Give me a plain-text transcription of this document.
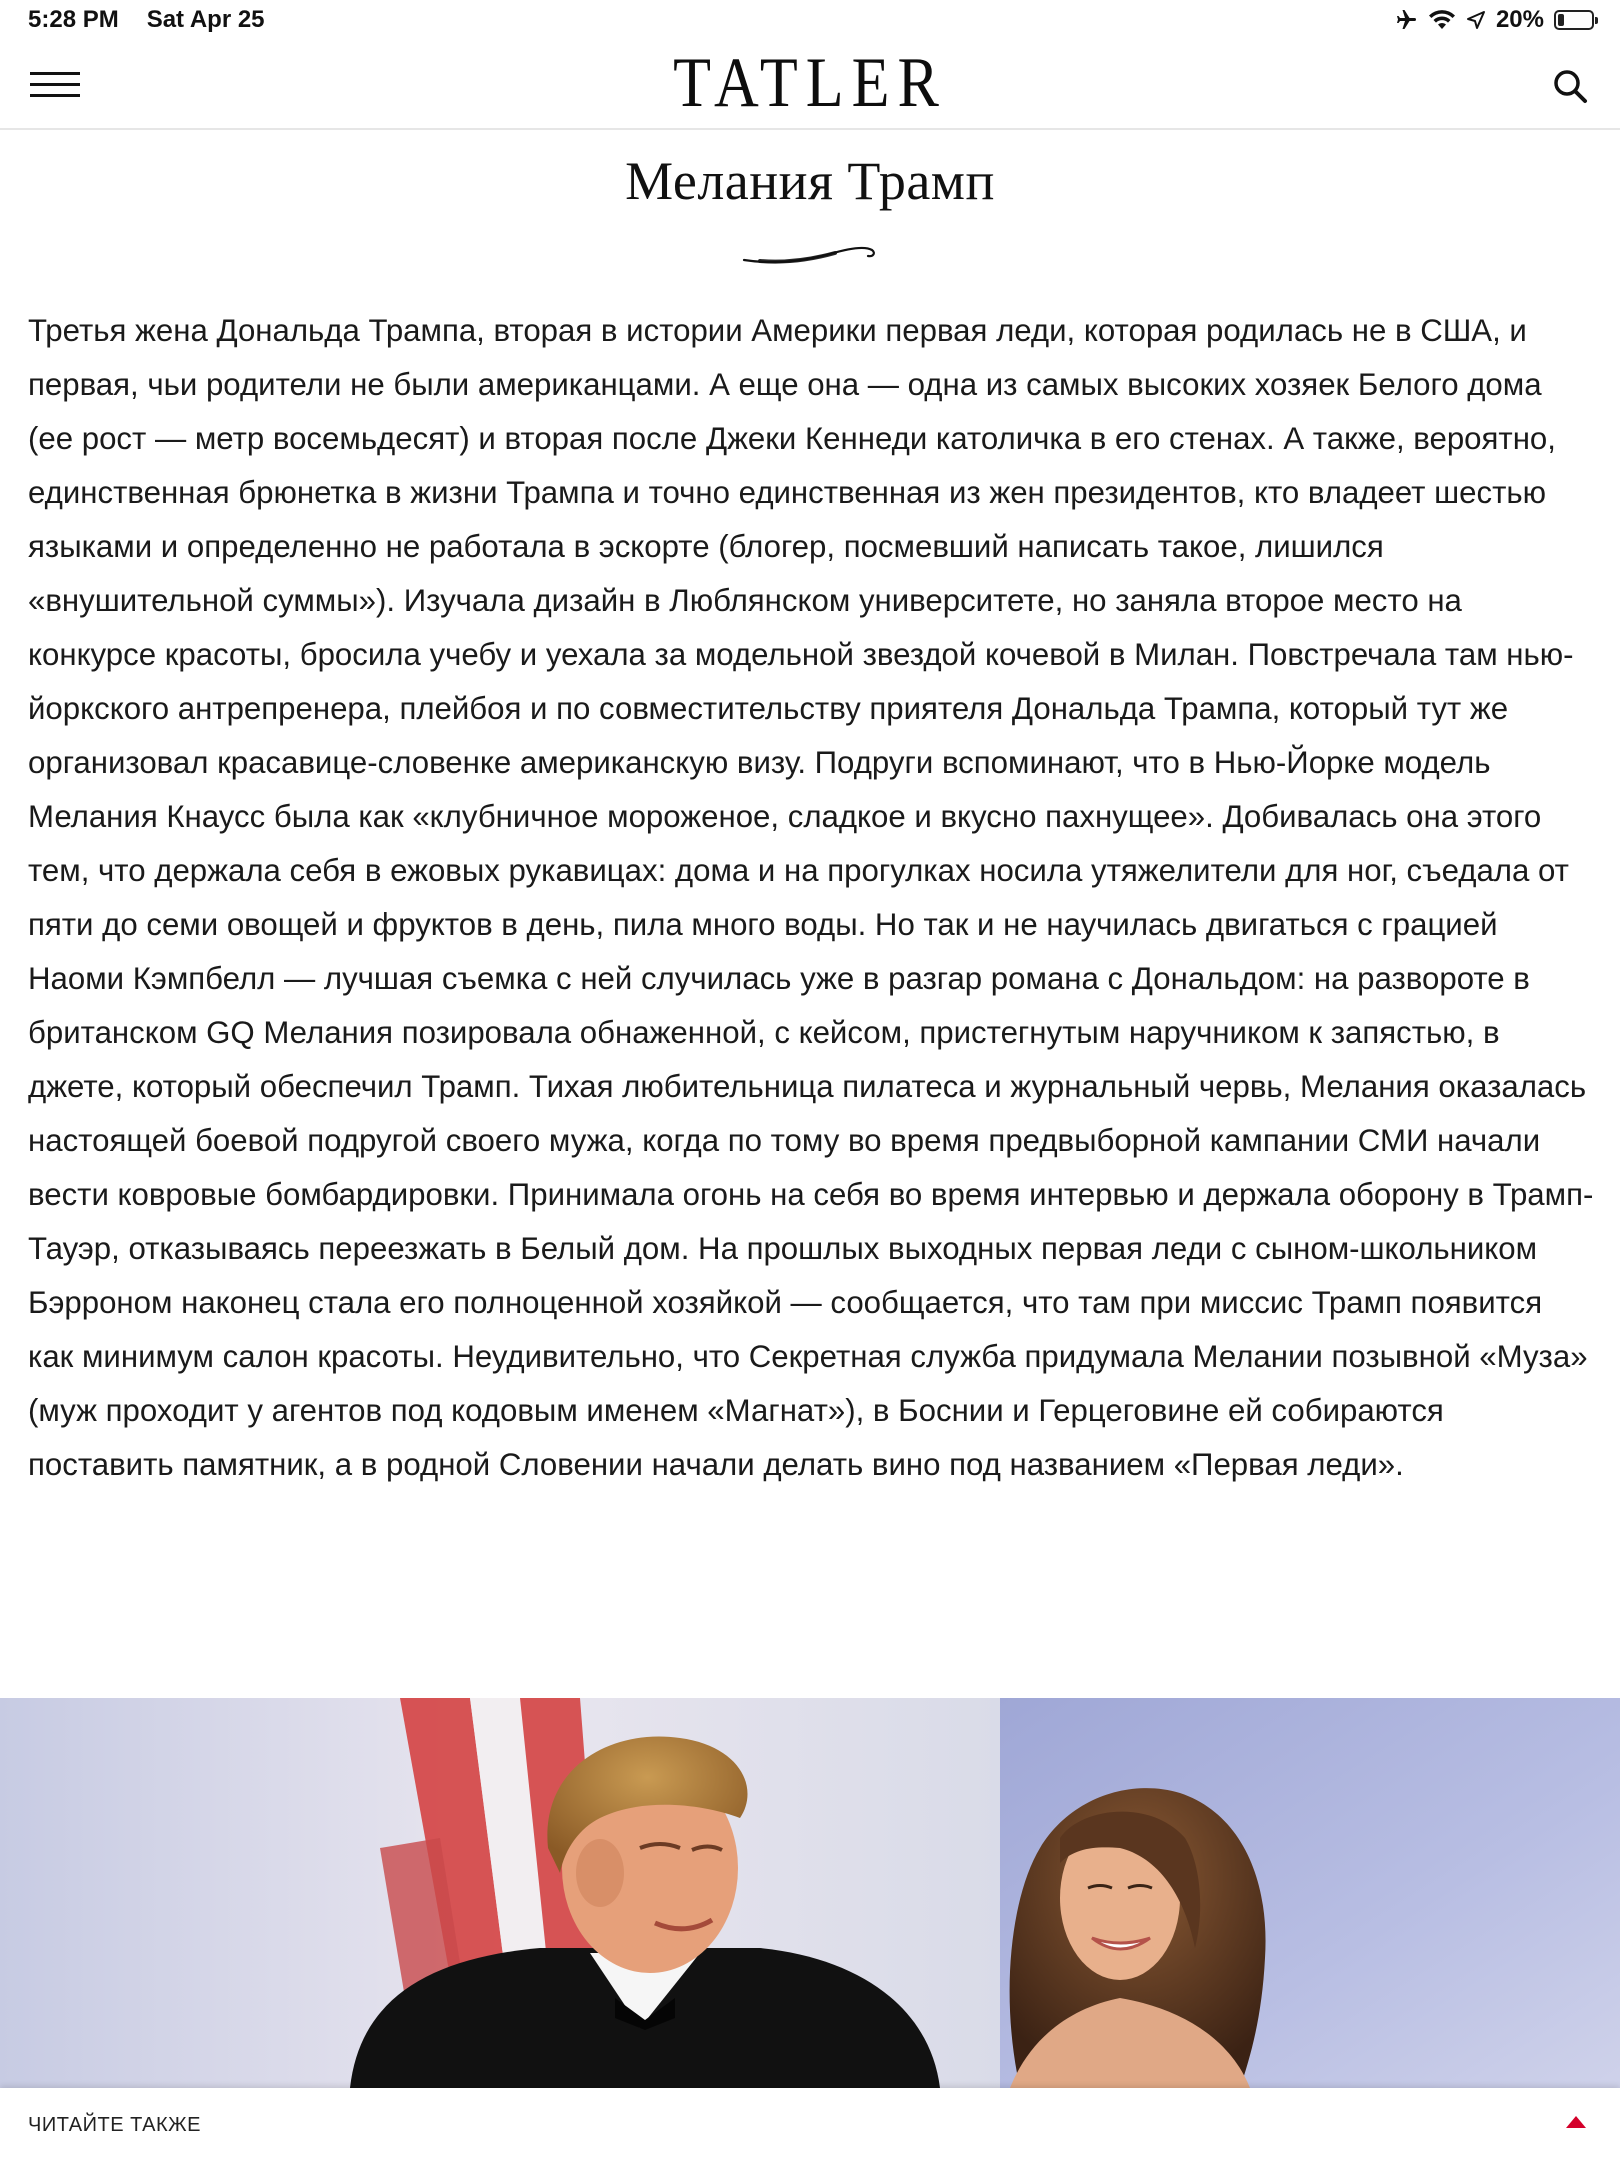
5:28 PM Sat Apr 25	20%
TATLER
Мелания Трамп

Третья жена Дональда Трампа, вторая в истории Америки первая леди, которая родилась не в США, и первая, чьи родители не были американцами. А еще она — одна из самых высоких хозяек Белого дома (ее рост — метр восемьдесят) и вторая после Джеки Кеннеди католичка в его стенах. А также, вероятно, единственная брюнетка в жизни Трампа и точно единственная из жен президентов, кто владеет шестью языками и определенно не работала в эскорте (блогер, посмевший написать такое, лишился «внушительной суммы»). Изучала дизайн в Люблянском университете, но заняла второе место на конкурсе красоты, бросила учебу и уехала за модельной звездой кочевой в Милан. Повстречала там нью-йоркского антрепренера, плейбоя и по совместительству приятеля Дональда Трампа, который тут же организовал красавице-словенке американскую визу. Подруги вспоминают, что в Нью-Йорке модель Мелания Кнаусс была как «клубничное мороженое, сладкое и вкусно пахнущее». Добивалась она этого тем, что держала себя в ежовых рукавицах: дома и на прогулках носила утяжелители для ног, съедала от пяти до семи овощей и фруктов в день, пила много воды. Но так и не научилась двигаться с грацией Наоми Кэмпбелл — лучшая съемка с ней случилась уже в разгар романа с Дональдом: на развороте в британском GQ Мелания позировала обнаженной, с кейсом, пристегнутым наручником к запястью, в джете, который обеспечил Трамп. Тихая любительница пилатеса и журнальный червь, Мелания оказалась настоящей боевой подругой своего мужа, когда по тому во время предвыборной кампании СМИ начали вести ковровые бомбардировки. Принимала огонь на себя во время интервью и держала оборону в Трамп-Тауэр, отказываясь переезжать в Белый дом. На прошлых выходных первая леди с сыном-школьником Бэрроном наконец стала его полноценной хозяйкой — сообщается, что там при миссис Трамп появится как минимум салон красоты. Неудивительно, что Секретная служба придумала Мелании позывной «Муза» (муж проходит у агентов под кодовым именем «Магнат»), в Боснии и Герцеговине ей собираются поставить памятник, а в родной Словении начали делать вино под названием «Первая леди».

ЧИТАЙТЕ ТАКЖЕ
